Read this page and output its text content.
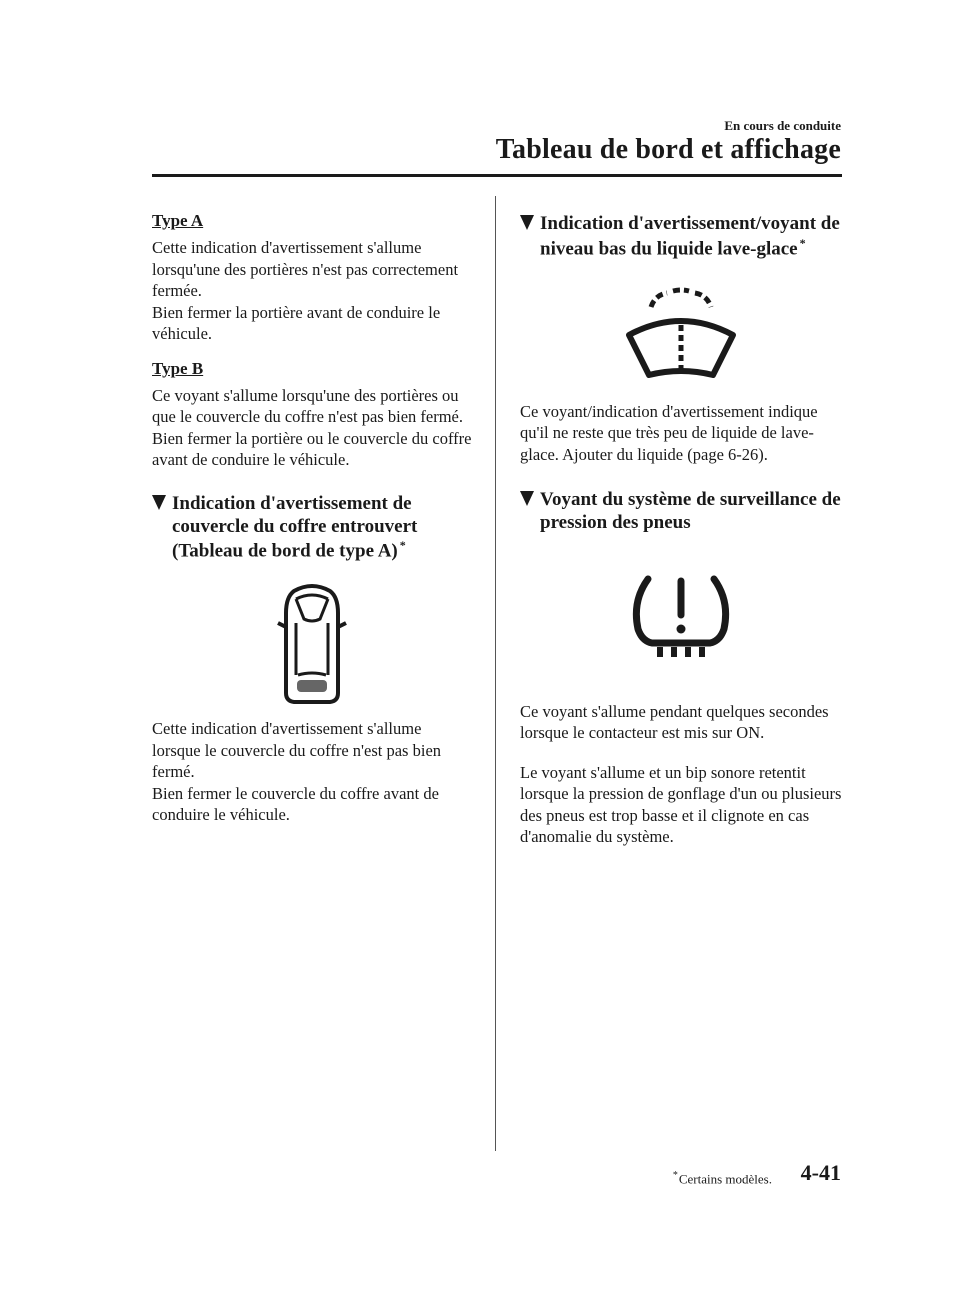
En cours de conduite
Tableau de bord et affichage
Type A

Cette indication d'avertissement s'allume lorsqu'une des portières n'est pas correctement fermée.
Bien fermer la portière avant de conduire le véhicule.

Type B

Ce voyant s'allume lorsqu'une des portières ou que le couvercle du coffre n'est pas bien fermé.
Bien fermer la portière ou le couvercle du coffre avant de conduire le véhicule.

Indication d'avertissement de couvercle du coffre entrouvert (Tableau de bord de type A) *

Cette indication d'avertissement s'allume lorsque le couvercle du coffre n'est pas bien fermé.
Bien fermer le couvercle du coffre avant de conduire le véhicule.

Indication d'avertissement/voyant de niveau bas du liquide lave-glace *

Ce voyant/indication d'avertissement indique qu'il ne reste que très peu de liquide de lave-glace. Ajouter du liquide (page 6-26).

Voyant du système de surveillance de pression des pneus

Ce voyant s'allume pendant quelques secondes lorsque le contacteur est mis sur ON.

Le voyant s'allume et un bip sonore retentit lorsque la pression de gonflage d'un ou plusieurs des pneus est trop basse et il clignote en cas d'anomalie du système.

*Certains modèles. 4-41
